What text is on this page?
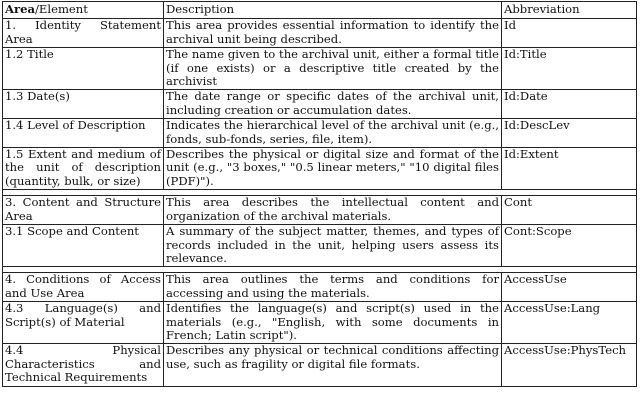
Area/Element	Description	Abbreviation
1. Identity Statement Area	This area provides essential information to identify the archival unit being described.	Id
1.2 Title	The name given to the archival unit, either a formal title (if one exists) or a descriptive title created by the archivist	Id:Title
1.3 Date(s)	The date range or specific dates of the archival unit, including creation or accumulation dates.	Id:Date
1.4 Level of Description	Indicates the hierarchical level of the archival unit (e.g., fonds, sub-fonds, series, file, item).	Id:DescLev
1.5 Extent and medium of the unit of description (quantity, bulk, or size)	Describes the physical or digital size and format of the unit (e.g., "3 boxes," "0.5 linear meters," "10 digital files (PDF)").	Id:Extent

3. Content and Structure Area	This area describes the intellectual content and organization of the archival materials.	Cont
3.1 Scope and Content	A summary of the subject matter, themes, and types of records included in the unit, helping users assess its relevance.	Cont:Scope

4. Conditions of Access and Use Area	This area outlines the terms and conditions for accessing and using the materials.	AccessUse
4.3 Language(s) and Script(s) of Material	Identifies the language(s) and script(s) used in the materials (e.g., "English, with some documents in French; Latin script").	AccessUse:Lang
4.4 Physical Characteristics and Technical Requirements	Describes any physical or technical conditions affecting use, such as fragility or digital file formats.	AccessUse:PhysTech
